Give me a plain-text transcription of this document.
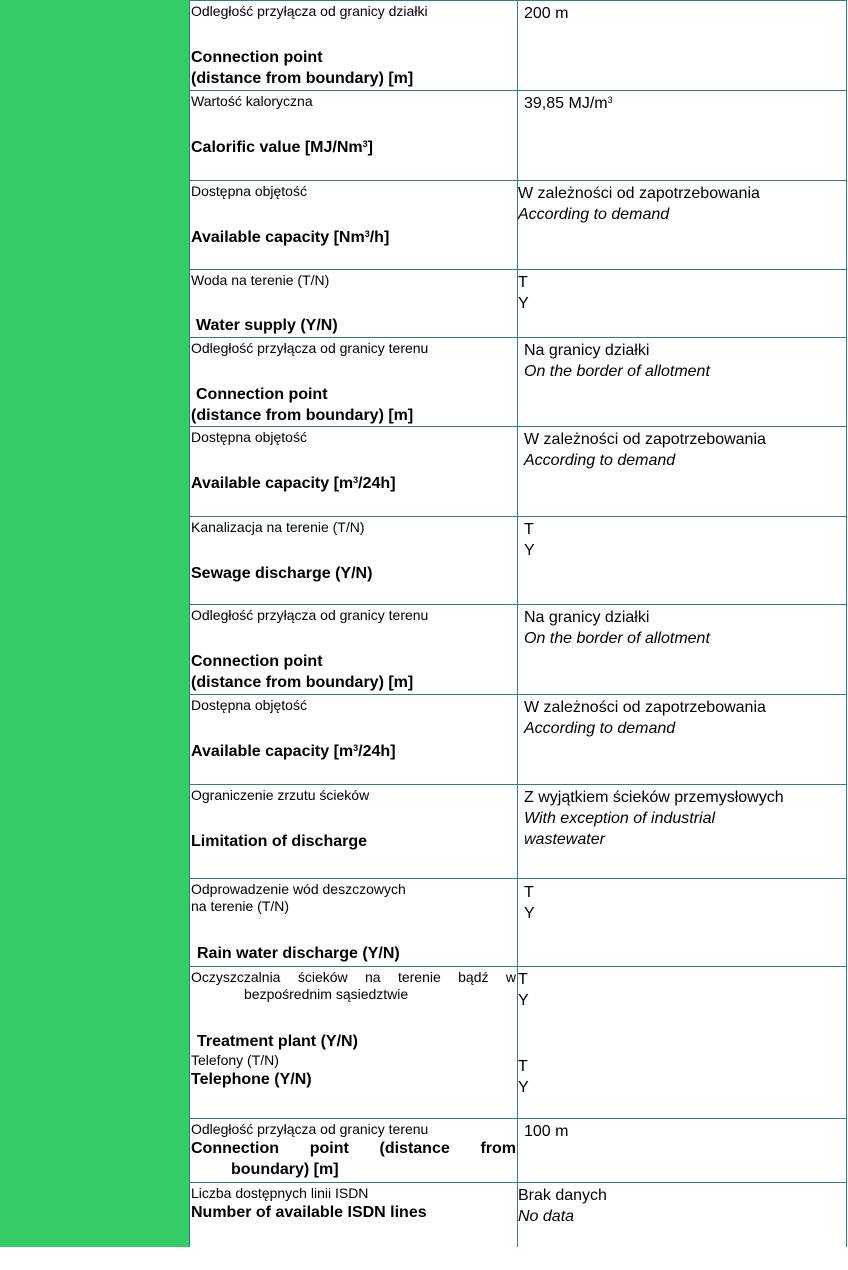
Odległość przyłącza od granicy działki
Connection point
(distance from boundary) [m]
200 m
Wartość kaloryczna
Calorific value [MJ/Nm$^3$]
39,85 $MJ/m^3$
Dostępna objętość
Available capacity [Nm$^3$/h]
W zależności od zapotrzebowania
According to demand
Woda na terenie (T/N)
Water supply (Y/N)
T
Y
Odległość przyłącza od granicy terenu
Connection point
(distance from boundary) [m]
Na granicy działki
On the border of allotment
Dostępna objętość
Available capacity $[m^3/24h]$
W zależności od zapotrzebowania
According to demand
Kanalizacja na terenie (T/N)
Sewage discharge (Y/N)
T
Y
Odległość przyłącza od granicy terenu
Connection point
(distance from boundary) [m]
Na granicy działki
On the border of allotment
Dostępna objętość
Available capacity $[m^3/24h]$
W zależności od zapotrzebowania
According to demand
Ograniczenie zrzutu ścieków
Limitation of discharge
Z wyjątkiem ścieków przemysłowych
With exception of industrial
wastewater
Odprowadzenie wód deszczowych
na terenie (T/N)
Rain water discharge (Y/N)
T
Y
Oczyszczalnia ścieków na terenie bądź w
bezpośrednim sąsiedztwie
Treatment plant (Y/N)
Telefony (T/N)
Telephone (Y/N)
T
Y
T
Y
Odległość przyłącza od granicy terenu
Connection point (distance from
boundary) [m]
100 m
Liczba dostępnych linii ISDN
Number of available ISDN lines
Brak danych
No data
